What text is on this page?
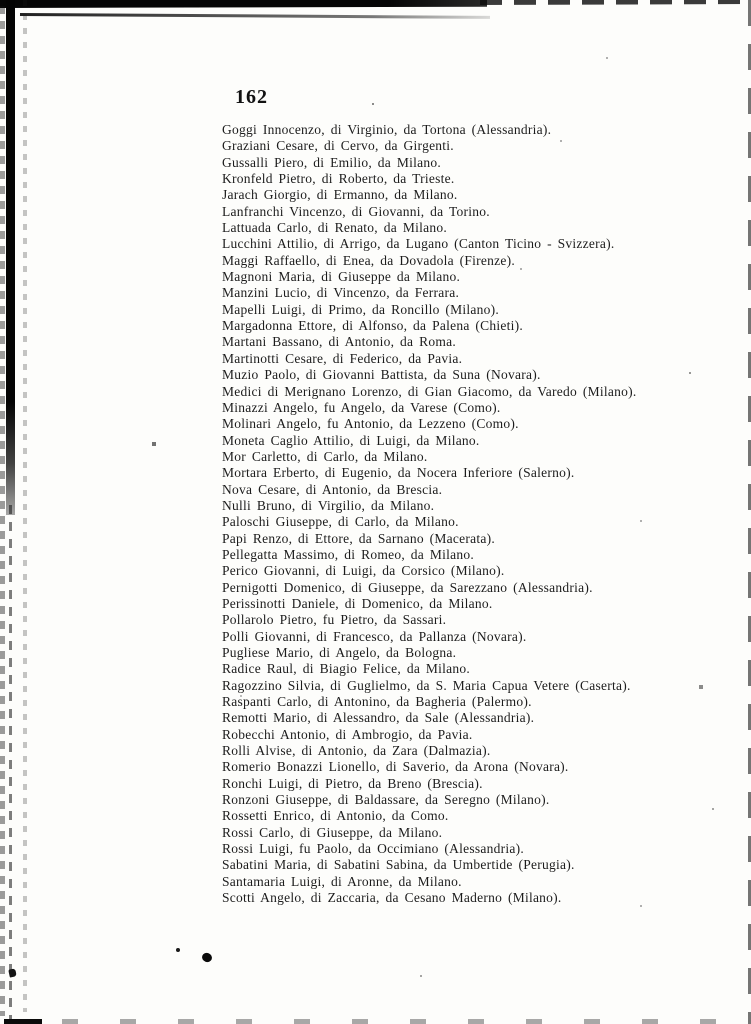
162
Goggi Innocenzo, di Virginio, da Tortona (Alessandria).
Graziani Cesare, di Cervo, da Girgenti.
Gussalli Piero, di Emilio, da Milano.
Kronfeld Pietro, di Roberto, da Trieste.
Jarach Giorgio, di Ermanno, da Milano.
Lanfranchi Vincenzo, di Giovanni, da Torino.
Lattuada Carlo, di Renato, da Milano.
Lucchini Attilio, di Arrigo, da Lugano (Canton Ticino - Svizzera).
Maggi Raffaello, di Enea, da Dovadola (Firenze).
Magnoni Maria, di Giuseppe da Milano.
Manzini Lucio, di Vincenzo, da Ferrara.
Mapelli Luigi, di Primo, da Roncillo (Milano).
Margadonna Ettore, di Alfonso, da Palena (Chieti).
Martani Bassano, di Antonio, da Roma.
Martinotti Cesare, di Federico, da Pavia.
Muzio Paolo, di Giovanni Battista, da Suna (Novara).
Medici di Merignano Lorenzo, di Gian Giacomo, da Varedo (Milano).
Minazzi Angelo, fu Angelo, da Varese (Como).
Molinari Angelo, fu Antonio, da Lezzeno (Como).
Moneta Caglio Attilio, di Luigi, da Milano.
Mor Carletto, di Carlo, da Milano.
Mortara Erberto, di Eugenio, da Nocera Inferiore (Salerno).
Nova Cesare, di Antonio, da Brescia.
Nulli Bruno, di Virgilio, da Milano.
Paloschi Giuseppe, di Carlo, da Milano.
Papi Renzo, di Ettore, da Sarnano (Macerata).
Pellegatta Massimo, di Romeo, da Milano.
Perico Giovanni, di Luigi, da Corsico (Milano).
Pernigotti Domenico, di Giuseppe, da Sarezzano (Alessandria).
Perissinotti Daniele, di Domenico, da Milano.
Pollarolo Pietro, fu Pietro, da Sassari.
Polli Giovanni, di Francesco, da Pallanza (Novara).
Pugliese Mario, di Angelo, da Bologna.
Radice Raul, di Biagio Felice, da Milano.
Ragozzino Silvia, di Guglielmo, da S. Maria Capua Vetere (Caserta).
Raspanti Carlo, di Antonino, da Bagheria (Palermo).
Remotti Mario, di Alessandro, da Sale (Alessandria).
Robecchi Antonio, di Ambrogio, da Pavia.
Rolli Alvise, di Antonio, da Zara (Dalmazia).
Romerio Bonazzi Lionello, di Saverio, da Arona (Novara).
Ronchi Luigi, di Pietro, da Breno (Brescia).
Ronzoni Giuseppe, di Baldassare, da Seregno (Milano).
Rossetti Enrico, di Antonio, da Como.
Rossi Carlo, di Giuseppe, da Milano.
Rossi Luigi, fu Paolo, da Occimiano (Alessandria).
Sabatini Maria, di Sabatini Sabina, da Umbertide (Perugia).
Santamaria Luigi, di Aronne, da Milano.
Scotti Angelo, di Zaccaria, da Cesano Maderno (Milano).
